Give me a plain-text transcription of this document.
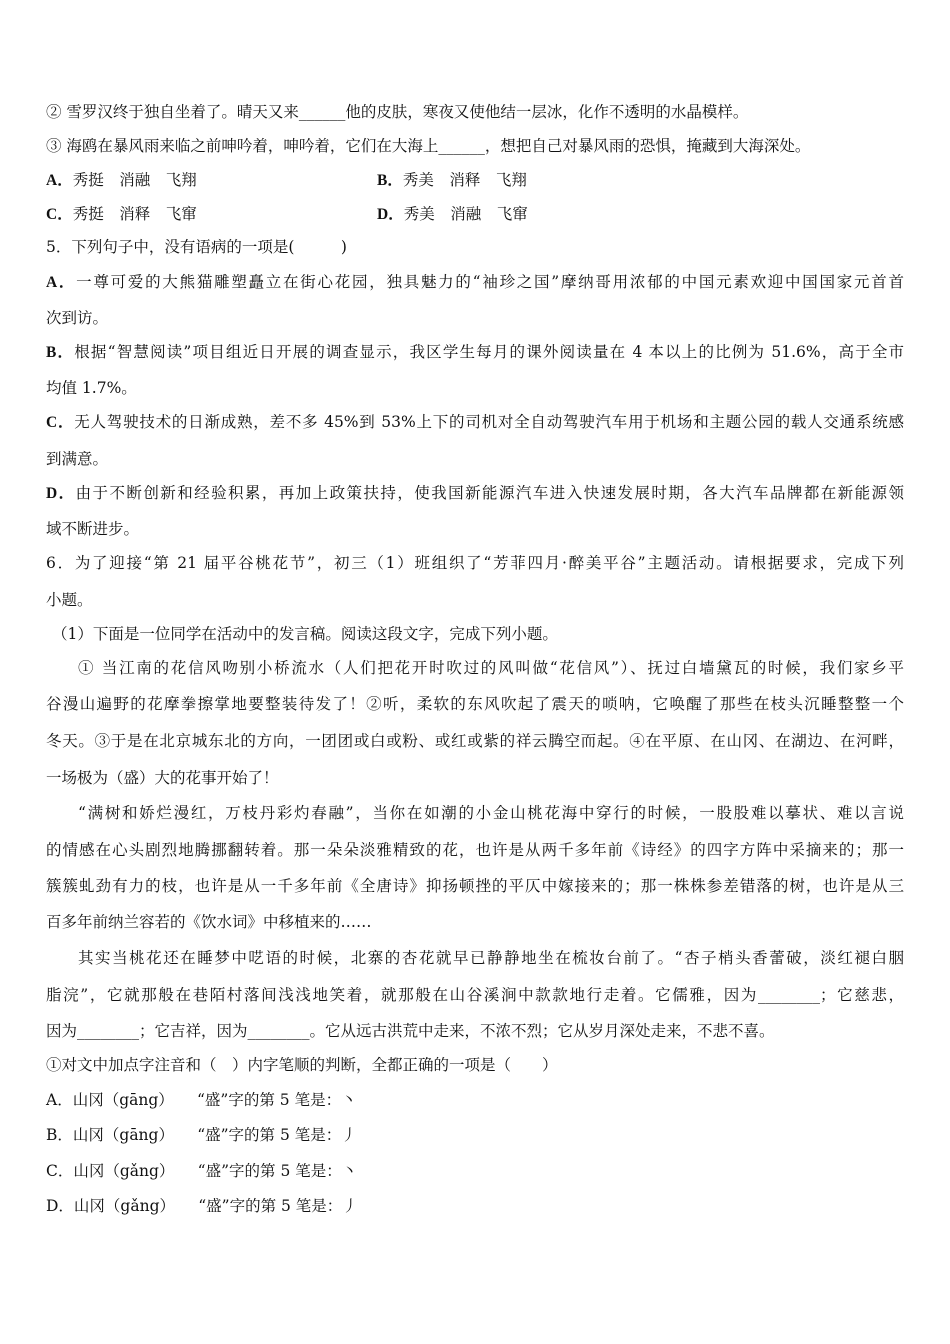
② 雪罗汉终于独自坐着了。晴天又来______他的皮肤，寒夜又使他结一层冰，化作不透明的水晶模样。
③ 海鸥在暴风雨来临之前呻吟着，呻吟着，它们在大海上______，想把自己对暴风雨的恐惧，掩藏到大海深处。
A．秀挺　消融　飞翔	B．秀美　消释　飞翔
C．秀挺　消释　飞窜	D．秀美　消融　飞窜
5．下列句子中，没有语病的一项是(　　　)
A．一尊可爱的大熊猫雕塑矗立在街心花园，独具魅力的“袖珍之国”摩纳哥用浓郁的中国元素欢迎中国国家元首首
次到访。
B．根据“智慧阅读”项目组近日开展的调查显示，我区学生每月的课外阅读量在 4 本以上的比例为 51.6%，高于全市
均值 1.7%。
C．无人驾驶技术的日渐成熟，差不多 45%到 53%上下的司机对全自动驾驶汽车用于机场和主题公园的载人交通系统感
到满意。
D．由于不断创新和经验积累，再加上政策扶持，使我国新能源汽车进入快速发展时期，各大汽车品牌都在新能源领
域不断进步。
6．为了迎接“第 21 届平谷桃花节”，初三（1）班组织了“芳菲四月·醉美平谷”主题活动。请根据要求，完成下列
小题。
（1）下面是一位同学在活动中的发言稿。阅读这段文字，完成下列小题。
① 当江南的花信风吻别小桥流水（人们把花开时吹过的风叫做“花信风”）、抚过白墙黛瓦的时候，我们家乡平
谷漫山遍野的花摩拳擦掌地要整装待发了！②听，柔软的东风吹起了震天的唢呐，它唤醒了那些在枝头沉睡整整一个
冬天。③于是在北京城东北的方向，一团团或白或粉、或红或紫的祥云腾空而起。④在平原、在山冈、在湖边、在河畔，
一场极为（盛）大的花事开始了！
“满树和娇烂漫红，万枝丹彩灼春融”，当你在如潮的小金山桃花海中穿行的时候，一股股难以摹状、难以言说
的情感在心头剧烈地腾挪翻转着。那一朵朵淡雅精致的花，也许是从两千多年前《诗经》的四字方阵中采摘来的；那一
簇簇虬劲有力的枝，也许是从一千多年前《全唐诗》抑扬顿挫的平仄中嫁接来的；那一株株参差错落的树，也许是从三
百多年前纳兰容若的《饮水词》中移植来的……
其实当桃花还在睡梦中呓语的时候，北寨的杏花就早已静静地坐在梳妆台前了。“杏子梢头香蕾破，淡红褪白胭
脂浣”，它就那般在巷陌村落间浅浅地笑着，就那般在山谷溪涧中款款地行走着。它儒雅，因为________；它慈悲，
因为________；它吉祥，因为________。它从远古洪荒中走来，不浓不烈；它从岁月深处走来，不悲不喜。
①对文中加点字注音和（　）内字笔顺的判断，全都正确的一项是（　　）
A．山冈（gāng）　　“盛”字的第 5 笔是：丶
B．山冈（gāng）　　“盛”字的第 5 笔是：丿
C．山冈（gǎng）　　“盛”字的第 5 笔是：丶
D．山冈（gǎng）　　“盛”字的第 5 笔是：丿
